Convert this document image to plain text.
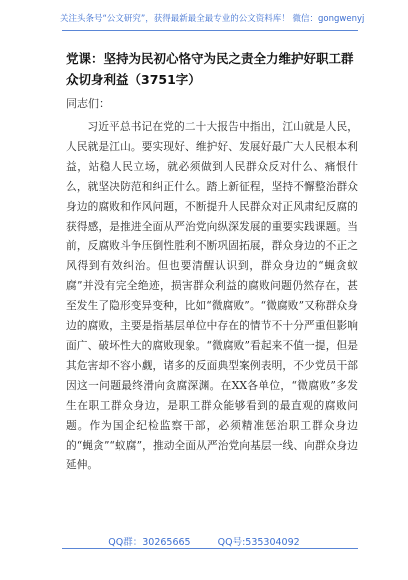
关注头条号“公文研究”，获得最新最全最专业的公文资料库！ 微信：gongwenyj
党课：坚持为民初心恪守为民之责全力维护好职工群众切身利益（3751字）
同志们：

习近平总书记在党的二十大报告中指出，江山就是人民，人民就是江山。要实现好、维护好、发展好最广大人民根本利益，站稳人民立场，就必须做到人民群众反对什么、痛恨什么，就坚决防范和纠正什么。踏上新征程，坚持不懈整治群众身边的腐败和作风问题，不断提升人民群众对正风肃纪反腐的获得感，是推进全面从严治党向纵深发展的重要实践课题。当前，反腐败斗争压倒性胜利不断巩固拓展，群众身边的不正之风得到有效纠治。但也要清醒认识到，群众身边的“蝇贪蚁腐”并没有完全绝迹，损害群众利益的腐败问题仍然存在，甚至发生了隐形变异变种，比如“微腐败”。“微腐败”又称群众身边的腐败，主要是指基层单位中存在的情节不十分严重但影响面广、破坏性大的腐败现象。“微腐败”看起来不值一提，但是其危害却不容小觑，诸多的反面典型案例表明，不少党员干部因这一问题最终滑向贪腐深渊。在XX各单位，“微腐败”多发生在职工群众身边，是职工群众能够看到的最直观的腐败问题。作为国企纪检监察干部，必须精准惩治职工群众身边的“蝇贪”“蚁腐”，推动全面从严治党向基层一线、向群众身边延伸。

QQ群：30265665	QQ号:535304092
